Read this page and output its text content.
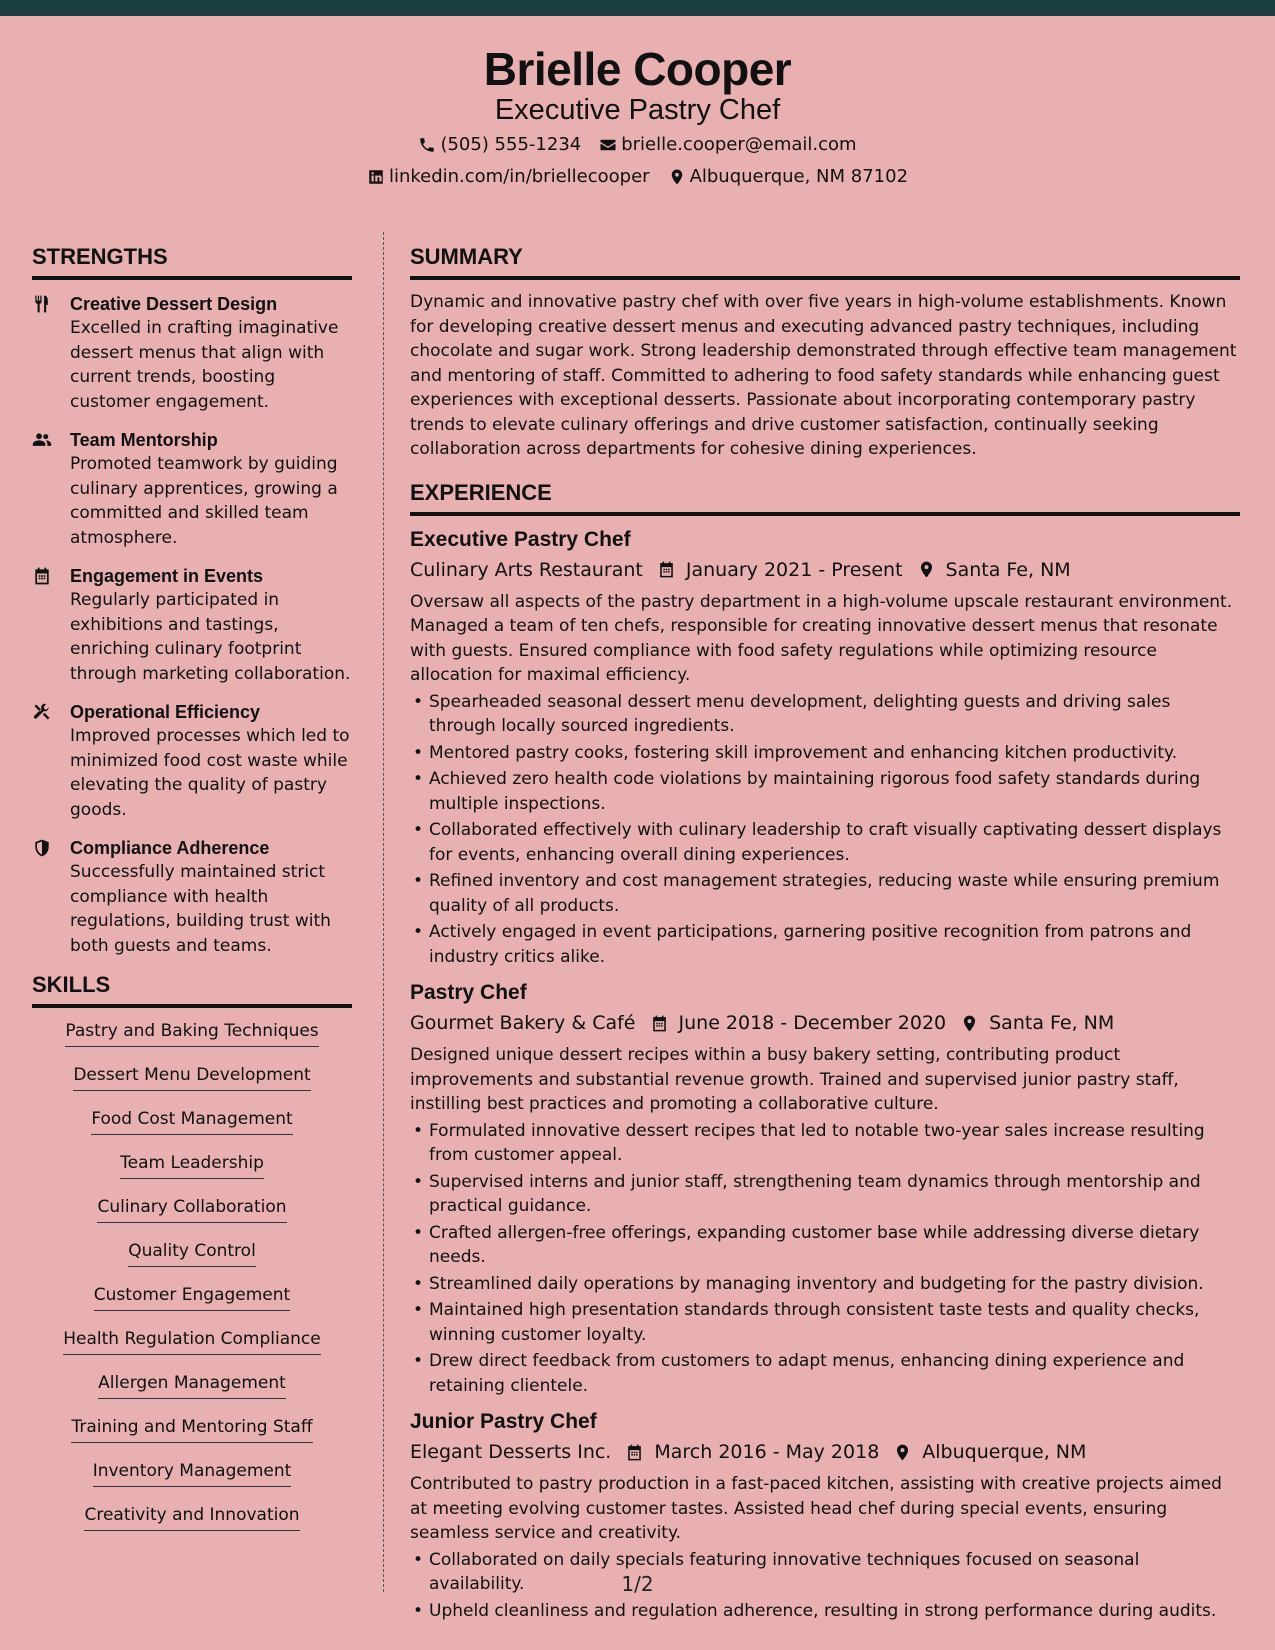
Brielle Cooper
Executive Pastry Chef
(505) 555-1234 brielle.cooper@email.com
linkedin.com/in/briellecooper Albuquerque, NM 87102
STRENGTHS
Creative Dessert Design
Excelled in crafting imaginative dessert menus that align with current trends, boosting customer engagement.
Team Mentorship
Promoted teamwork by guiding culinary apprentices, growing a committed and skilled team atmosphere.
Engagement in Events
Regularly participated in exhibitions and tastings, enriching culinary footprint through marketing collaboration.
Operational Efficiency
Improved processes which led to minimized food cost waste while elevating the quality of pastry goods.
Compliance Adherence
Successfully maintained strict compliance with health regulations, building trust with both guests and teams.
SKILLS
Pastry and Baking Techniques
Dessert Menu Development
Food Cost Management
Team Leadership
Culinary Collaboration
Quality Control
Customer Engagement
Health Regulation Compliance
Allergen Management
Training and Mentoring Staff
Inventory Management
Creativity and Innovation
SUMMARY
Dynamic and innovative pastry chef with over five years in high-volume establishments. Known for developing creative dessert menus and executing advanced pastry techniques, including chocolate and sugar work. Strong leadership demonstrated through effective team management and mentoring of staff. Committed to adhering to food safety standards while enhancing guest experiences with exceptional desserts. Passionate about incorporating contemporary pastry trends to elevate culinary offerings and drive customer satisfaction, continually seeking collaboration across departments for cohesive dining experiences.
EXPERIENCE
Executive Pastry Chef
Culinary Arts Restaurant January 2021 - Present Santa Fe, NM
Oversaw all aspects of the pastry department in a high-volume upscale restaurant environment. Managed a team of ten chefs, responsible for creating innovative dessert menus that resonate with guests. Ensured compliance with food safety regulations while optimizing resource allocation for maximal efficiency.
• Spearheaded seasonal dessert menu development, delighting guests and driving sales through locally sourced ingredients.
• Mentored pastry cooks, fostering skill improvement and enhancing kitchen productivity.
• Achieved zero health code violations by maintaining rigorous food safety standards during multiple inspections.
• Collaborated effectively with culinary leadership to craft visually captivating dessert displays for events, enhancing overall dining experiences.
• Refined inventory and cost management strategies, reducing waste while ensuring premium quality of all products.
• Actively engaged in event participations, garnering positive recognition from patrons and industry critics alike.
Pastry Chef
Gourmet Bakery & Café June 2018 - December 2020 Santa Fe, NM
Designed unique dessert recipes within a busy bakery setting, contributing product improvements and substantial revenue growth. Trained and supervised junior pastry staff, instilling best practices and promoting a collaborative culture.
• Formulated innovative dessert recipes that led to notable two-year sales increase resulting from customer appeal.
• Supervised interns and junior staff, strengthening team dynamics through mentorship and practical guidance.
• Crafted allergen-free offerings, expanding customer base while addressing diverse dietary needs.
• Streamlined daily operations by managing inventory and budgeting for the pastry division.
• Maintained high presentation standards through consistent taste tests and quality checks, winning customer loyalty.
• Drew direct feedback from customers to adapt menus, enhancing dining experience and retaining clientele.
Junior Pastry Chef
Elegant Desserts Inc. March 2016 - May 2018 Albuquerque, NM
Contributed to pastry production in a fast-paced kitchen, assisting with creative projects aimed at meeting evolving customer tastes. Assisted head chef during special events, ensuring seamless service and creativity.
• Collaborated on daily specials featuring innovative techniques focused on seasonal availability.
• Upheld cleanliness and regulation adherence, resulting in strong performance during audits.
1/2
